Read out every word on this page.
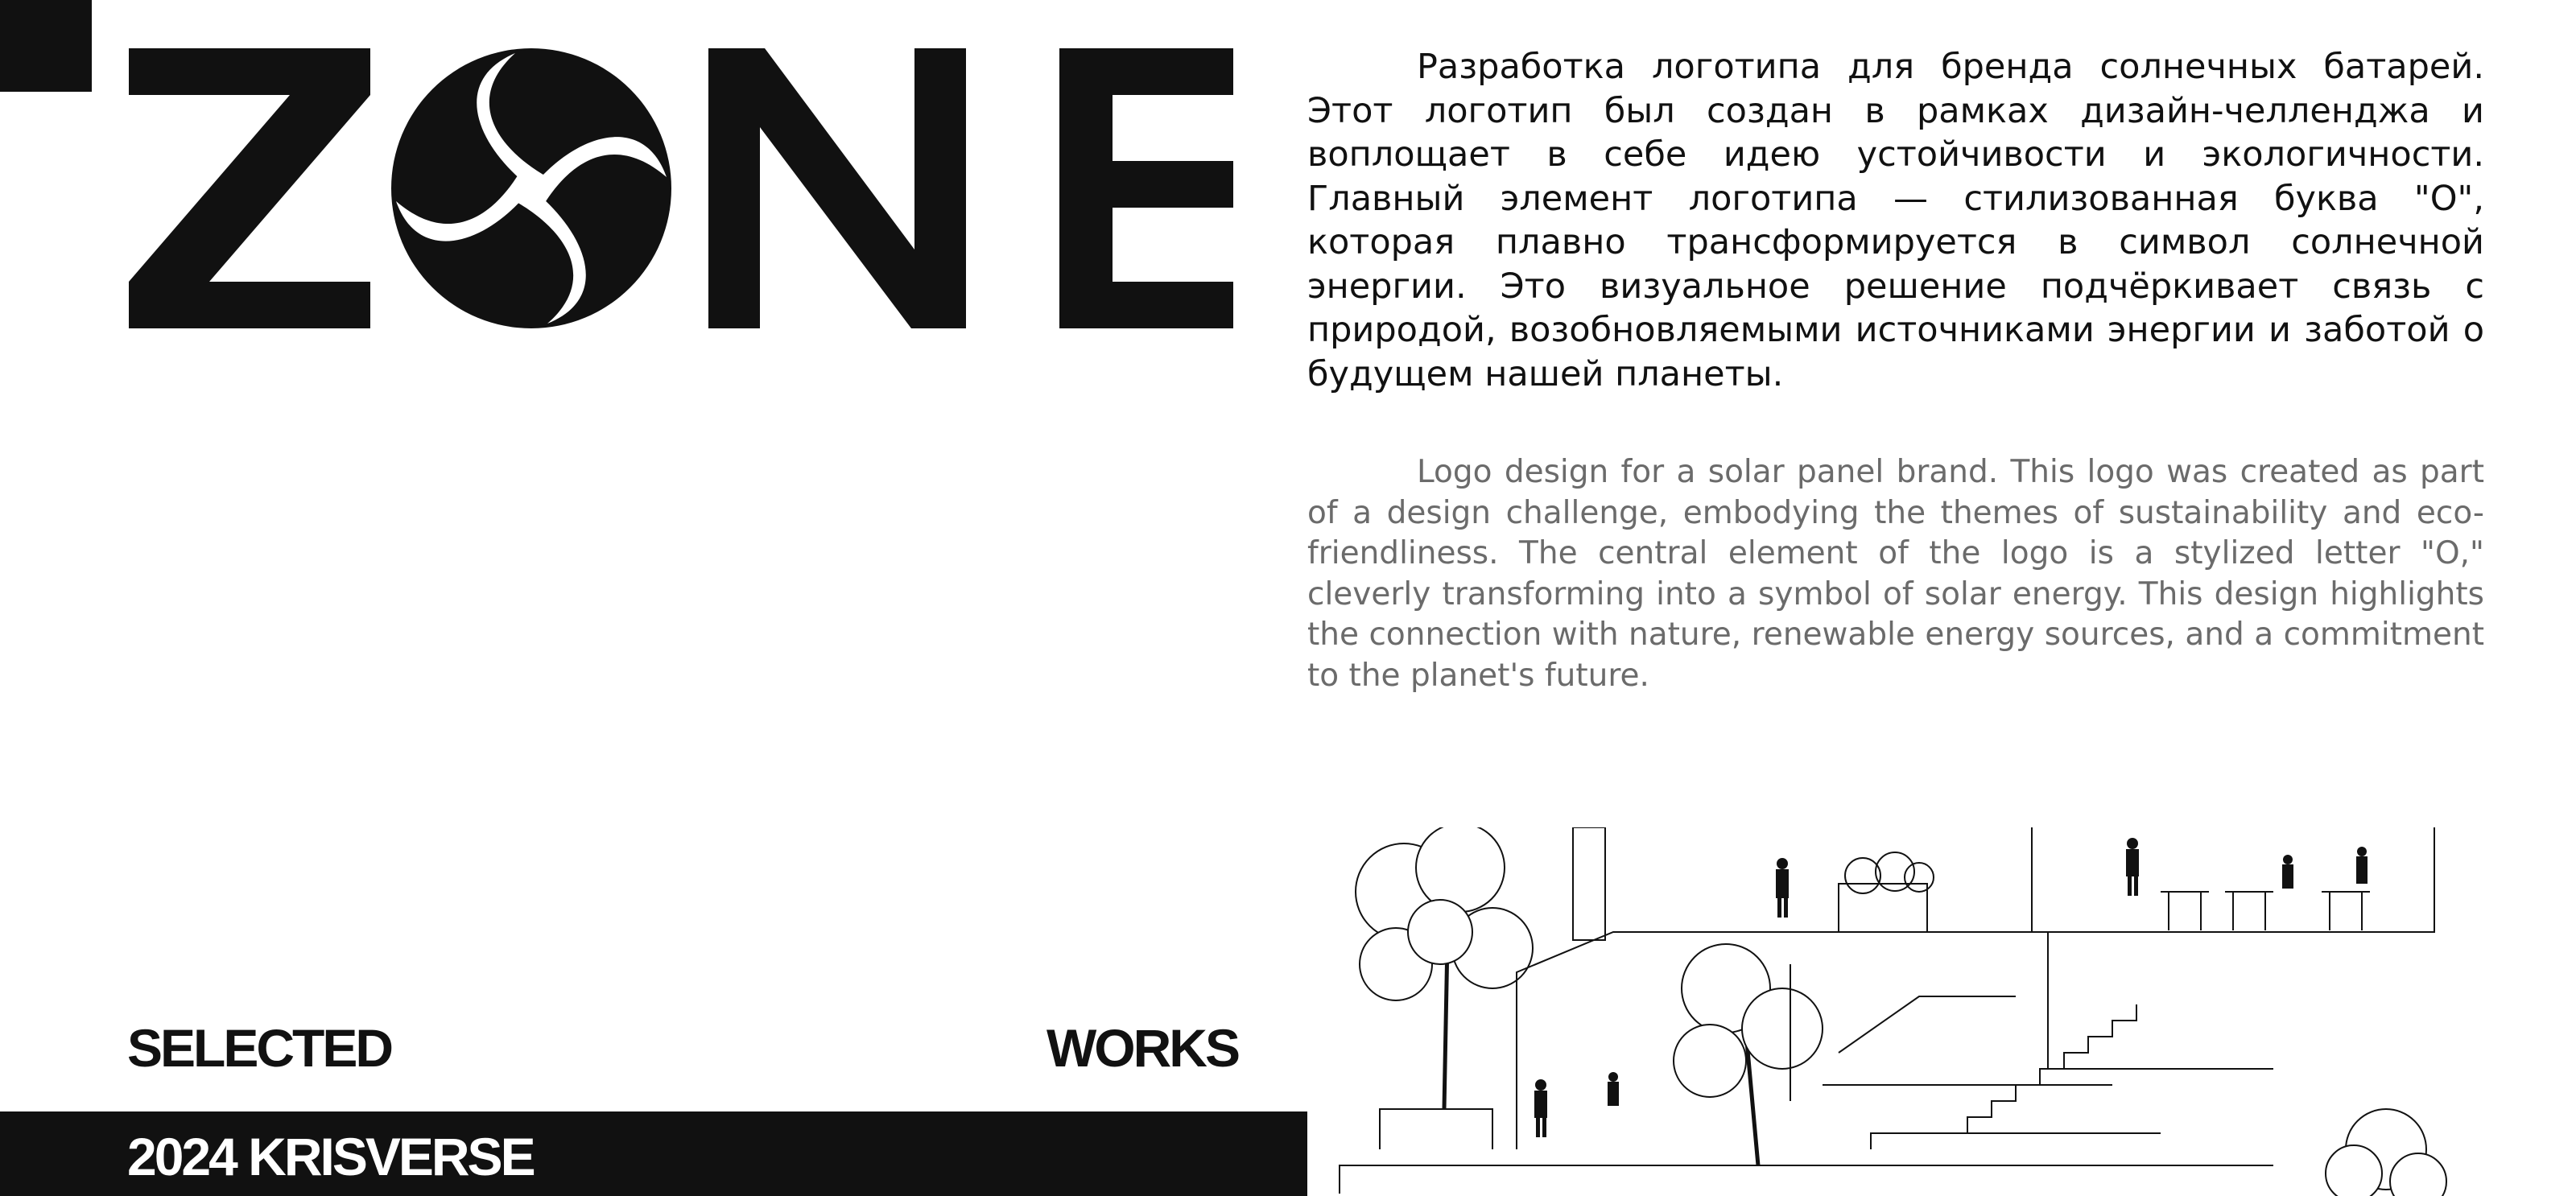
Разработка логотипа для бренда солнечных батарей. Этот логотип был создан в рамках дизайн-челленджа и воплощает в себе идею устойчивости и экологичности. Главный элемент логотипа — стилизованная буква "О", которая плавно трансформируется в символ солнечной энергии. Это визуальное решение подчёркивает связь с природой, возобновляемыми источниками энергии и заботой о будущем нашей планеты.

Logo design for a solar panel brand. This logo was created as part of a design challenge, embodying the themes of sustainability and eco-friendliness. The central element of the logo is a stylized letter "O," cleverly transforming into a symbol of solar energy. This design highlights the connection with nature, renewable energy sources, and a commitment to the planet's future.

SELECTED	WORKS
2024 KRISVERSE
